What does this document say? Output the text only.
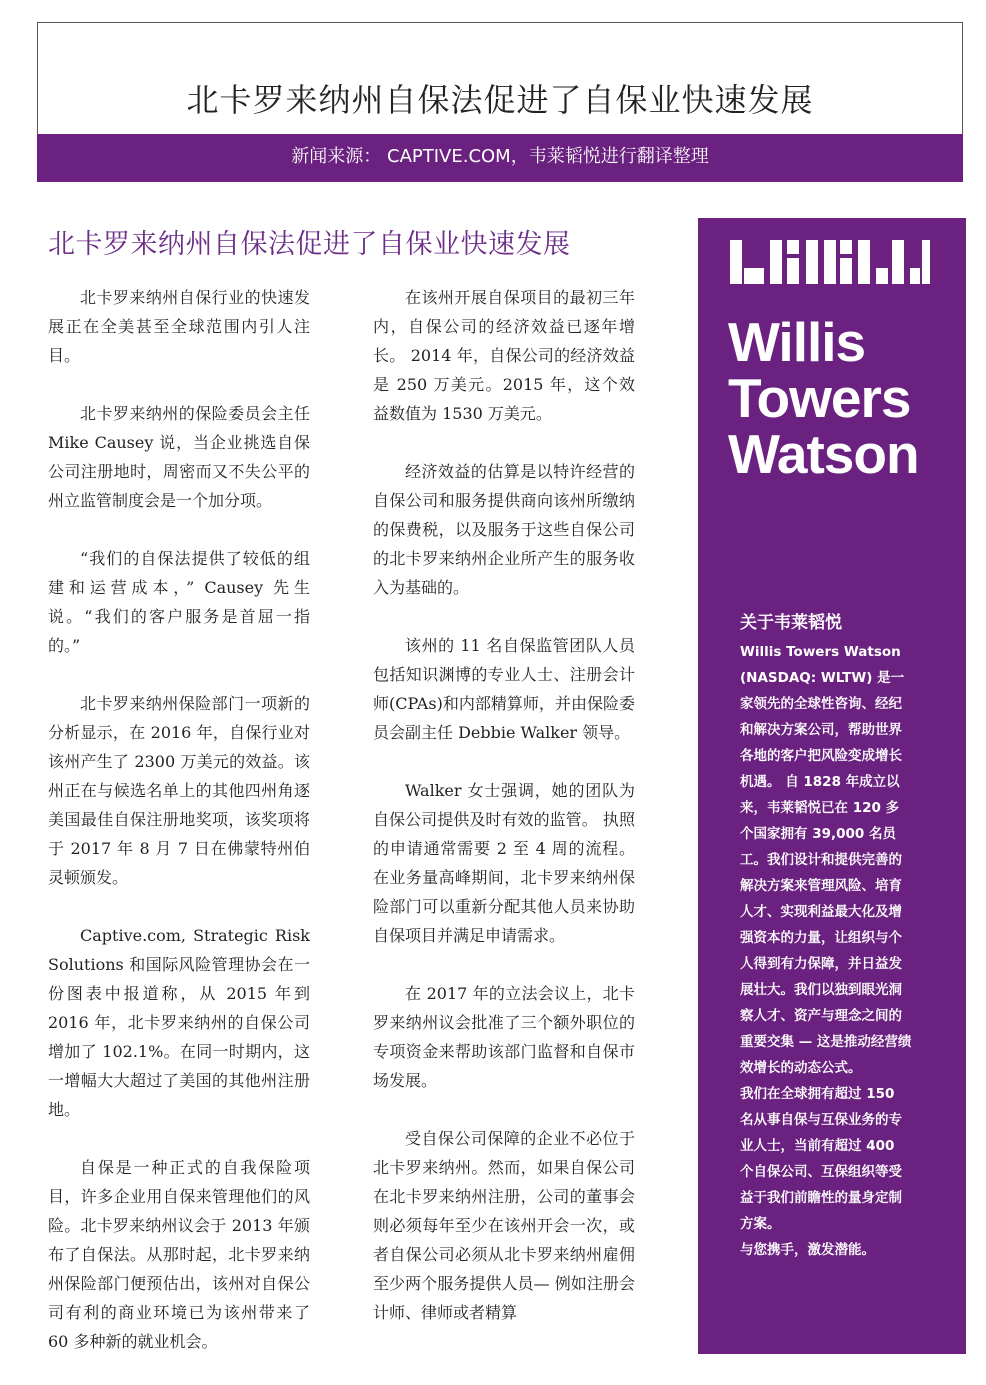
北卡罗来纳州自保法促进了自保业快速发展
新闻来源： CAPTIVE.COM，韦莱韬悦进行翻译整理
北卡罗来纳州自保法促进了自保业快速发展

北卡罗来纳州自保行业的快速发展正在全美甚至全球范围内引人注目。

北卡罗来纳州的保险委员会主任 Mike Causey 说，当企业挑选自保公司注册地时，周密而又不失公平的州立监管制度会是一个加分项。

“我们的自保法提供了较低的组建和运营成本，” Causey 先生说。“我们的客户服务是首屈一指的。”

北卡罗来纳州保险部门一项新的分析显示，在 2016 年，自保行业对该州产生了 2300 万美元的效益。该州正在与候选名单上的其他四州角逐美国最佳自保注册地奖项，该奖项将于 2017 年 8 月 7 日在佛蒙特州伯灵顿颁发。

Captive.com, Strategic Risk Solutions 和国际风险管理协会在一份图表中报道称，从 2015 年到 2016 年，北卡罗来纳州的自保公司增加了 102.1%。在同一时期内，这一增幅大大超过了美国的其他州注册地。

自保是一种正式的自我保险项目，许多企业用自保来管理他们的风险。北卡罗来纳州议会于 2013 年颁布了自保法。从那时起，北卡罗来纳州保险部门便预估出，该州对自保公司有利的商业环境已为该州带来了 60 多种新的就业机会。

在该州开展自保项目的最初三年内，自保公司的经济效益已逐年增长。 2014 年，自保公司的经济效益是 250 万美元。2015 年，这个效益数值为 1530 万美元。

经济效益的估算是以特许经营的自保公司和服务提供商向该州所缴纳的保费税，以及服务于这些自保公司的北卡罗来纳州企业所产生的服务收入为基础的。

该州的 11 名自保监管团队人员包括知识渊博的专业人士、注册会计师(CPAs)和内部精算师，并由保险委员会副主任 Debbie Walker 领导。

Walker 女士强调，她的团队为自保公司提供及时有效的监管。 执照的申请通常需要 2 至 4 周的流程。在业务量高峰期间，北卡罗来纳州保险部门可以重新分配其他人员来协助自保项目并满足申请需求。

在 2017 年的立法会议上，北卡罗来纳州议会批准了三个额外职位的专项资金来帮助该部门监督和自保市场发展。

受自保公司保障的企业不必位于北卡罗来纳州。然而，如果自保公司在北卡罗来纳州注册，公司的董事会则必须每年至少在该州开会一次，或者自保公司必须从北卡罗来纳州雇佣至少两个服务提供人员— 例如注册会计师、律师或者精算

Willis
Towers
Watson
关于韦莱韬悦

Willis Towers Watson (NASDAQ: WLTW) 是一家领先的全球性咨询、经纪和解决方案公司，帮助世界各地的客户把风险变成增长机遇。 自 1828 年成立以来，韦莱韬悦已在 120 多个国家拥有 39,000 名员工。我们设计和提供完善的解决方案来管理风险、培育人才、实现利益最大化及增强资本的力量，让组织与个人得到有力保障，并日益发展壮大。我们以独到眼光洞察人才、资产与理念之间的重要交集 — 这是推动经营绩效增长的动态公式。

我们在全球拥有超过 150 名从事自保与互保业务的专业人士，当前有超过 400 个自保公司、互保组织等受益于我们前瞻性的量身定制方案。

与您携手，激发潜能。
